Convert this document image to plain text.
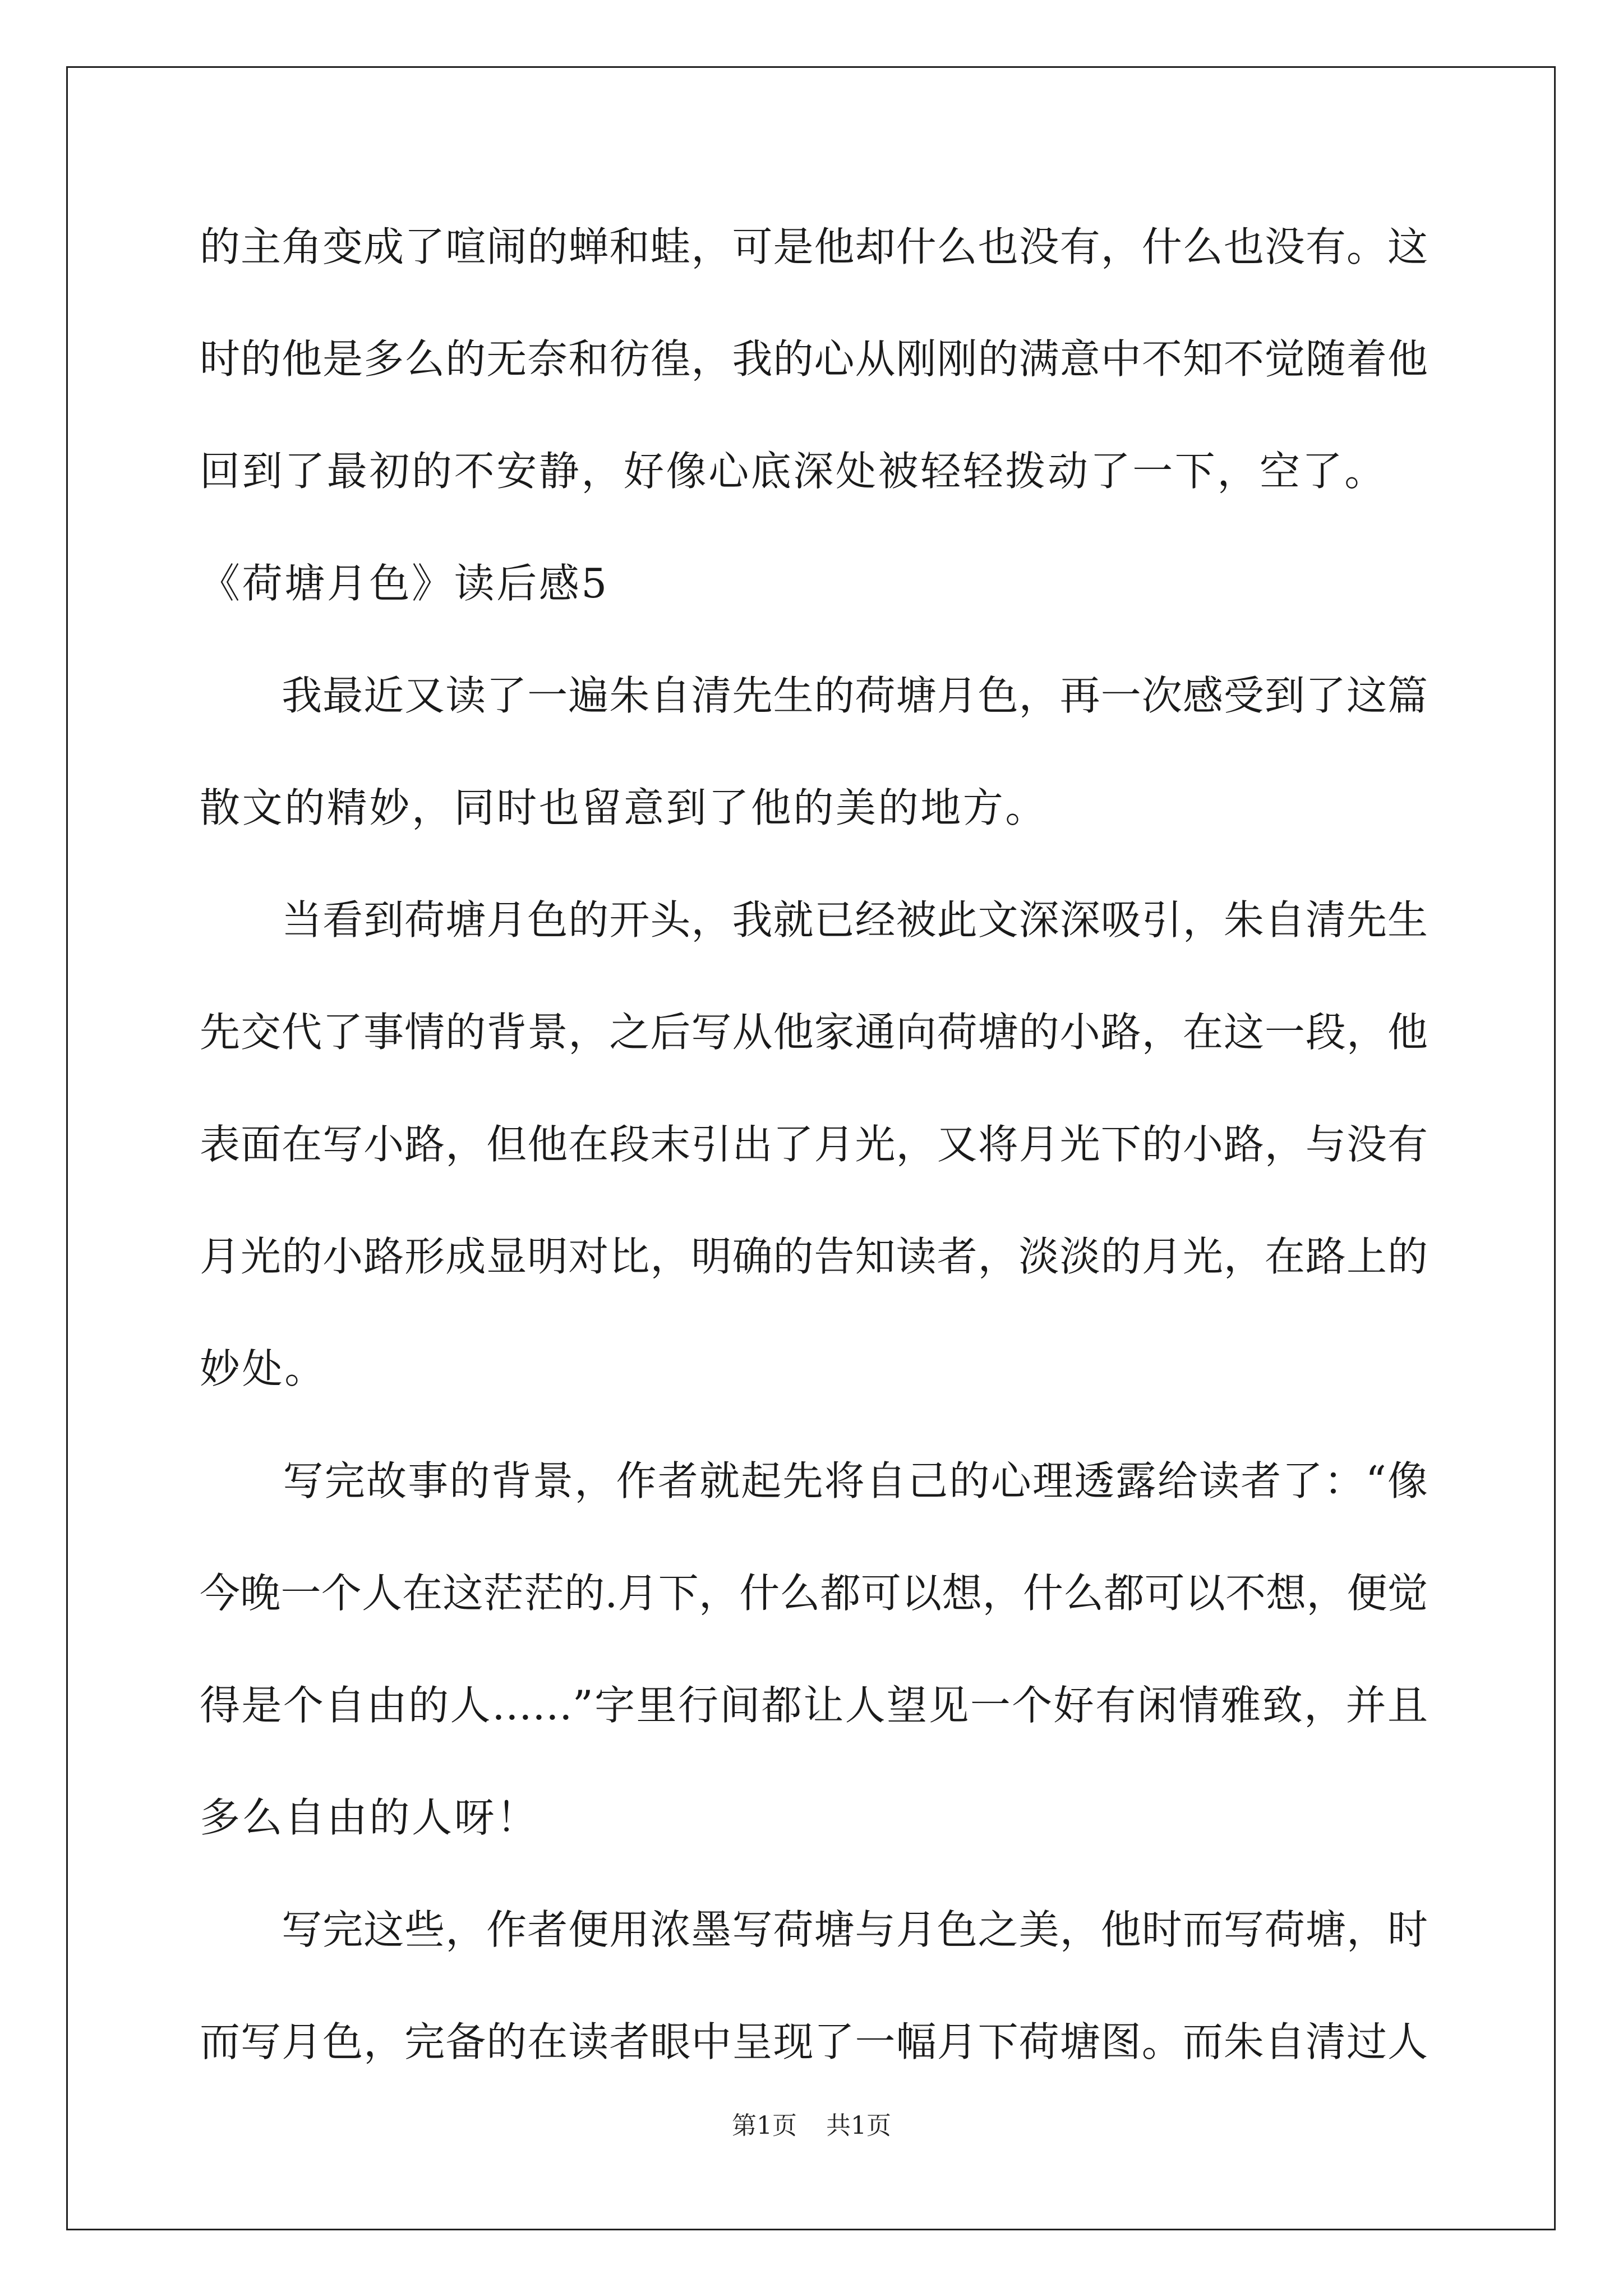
的主角变成了喧闹的蝉和蛙，可是他却什么也没有，什么也没有。这
时的他是多么的无奈和彷徨，我的心从刚刚的满意中不知不觉随着他
回到了最初的不安静，好像心底深处被轻轻拨动了一下，空了。
《荷塘月色》读后感5
　　我最近又读了一遍朱自清先生的荷塘月色，再一次感受到了这篇
散文的精妙，同时也留意到了他的美的地方。
　　当看到荷塘月色的开头，我就已经被此文深深吸引，朱自清先生
先交代了事情的背景，之后写从他家通向荷塘的小路，在这一段，他
表面在写小路，但他在段末引出了月光，又将月光下的小路，与没有
月光的小路形成显明对比，明确的告知读者，淡淡的月光，在路上的
妙处。
　　写完故事的背景，作者就起先将自己的心理透露给读者了：“像
今晚一个人在这茫茫的.月下，什么都可以想，什么都可以不想，便觉
得是个自由的人……”字里行间都让人望见一个好有闲情雅致，并且
多么自由的人呀！
　　写完这些，作者便用浓墨写荷塘与月色之美，他时而写荷塘，时
而写月色，完备的在读者眼中呈现了一幅月下荷塘图。而朱自清过人
第1页 共1页
